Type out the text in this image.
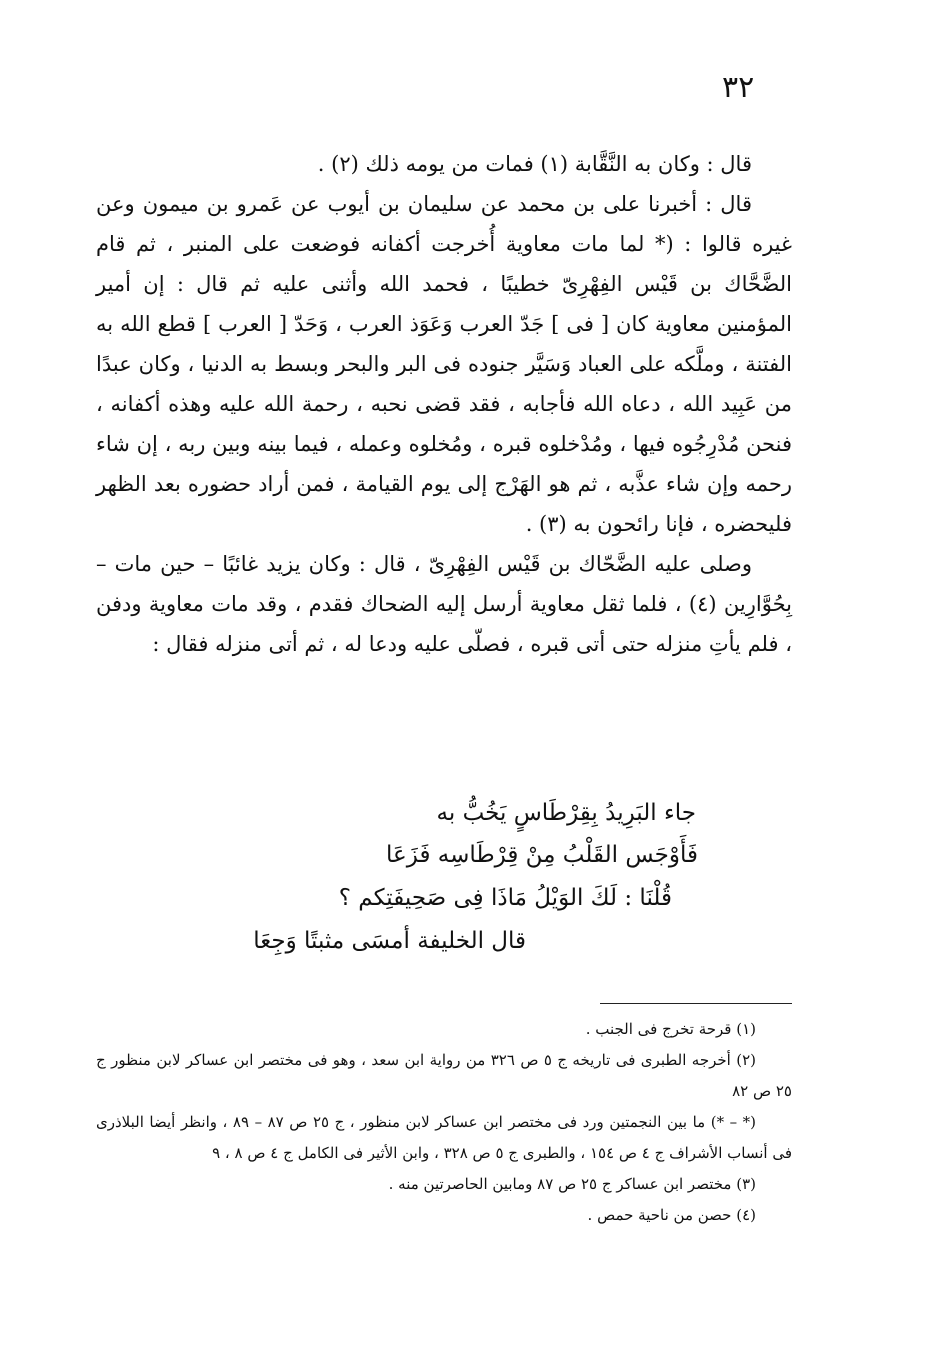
٣٢

قال : وكان به النَّقَّابة (١) فمات من يومه ذلك (٢) .

قال : أخبرنا على بن محمد عن سليمان بن أيوب عن عَمرو بن ميمون وعن غيره قالوا : (* لما مات معاوية أُخرجت أكفانه فوضعت على المنبر ، ثم قام الضَّحَّاك بن قَيْس الفِهْرِىّ خطيبًا ، فحمد الله وأثنى عليه ثم قال : إن أمير المؤمنين معاوية كان [ فى ] جَدّ العرب وَعَوَذ العرب ، وَحَدّ [ العرب ] قطع الله به الفتنة ، وملَّكه على العباد وَسَيَّر جنوده فى البر والبحر وبسط به الدنيا ، وكان عبدًا من عَبِيد الله ، دعاه الله فأجابه ، فقد قضى نحبه ، رحمة الله عليه وهذه أكفانه ، فنحن مُدْرِجُوه فيها ، ومُدْخلوه قبره ، ومُخلوه وعمله ، فيما بينه وبين ربه ، إن شاء رحمه وإن شاء عذَّبه ، ثم هو الهَرْج إلى يوم القيامة ، فمن أراد حضوره بعد الظهر فليحضره ، فإنا رائحون به (٣) .

وصلى عليه الضَّحّاك بن قَيْس الفِهْرِىّ ، قال : وكان يزيد غائبًا – حين مات – بِحُوَّارِين (٤) ، فلما ثقل معاوية أرسل إليه الضحاك فقدم ، وقد مات معاوية ودفن ، فلم يأتِ منزله حتى أتى قبره ، فصلّى عليه ودعا له ، ثم أتى منزله فقال :

جاء البَرِيدُ بِقِرْطَاسٍ يَخُبُّ به
فَأَوْجَس القَلْبُ مِنْ قِرْطَاسِه فَزَعَا
قُلْنَا : لَكَ الوَيْلُ مَاذَا فِى صَحِيفَتِكم ؟
قال الخليفة أمسَى مثبتًا وَجِعَا

(١) قرحة تخرج فى الجنب .

(٢) أخرجه الطبرى فى تاريخه ج ٥ ص ٣٢٦ من رواية ابن سعد ، وهو فى مختصر ابن عساكر لابن منظور ج ٢٥ ص ٨٢

(* – *) ما بين النجمتين ورد فى مختصر ابن عساكر لابن منظور ، ج ٢٥ ص ٨٧ – ٨٩ ، وانظر أيضا البلاذرى فى أنساب الأشراف ج ٤ ص ١٥٤ ، والطبرى ج ٥ ص ٣٢٨ ، وابن الأثير فى الكامل ج ٤ ص ٨ ، ٩

(٣) مختصر ابن عساكر ج ٢٥ ص ٨٧ ومابين الحاصرتين منه .

(٤) حصن من ناحية حمص .
